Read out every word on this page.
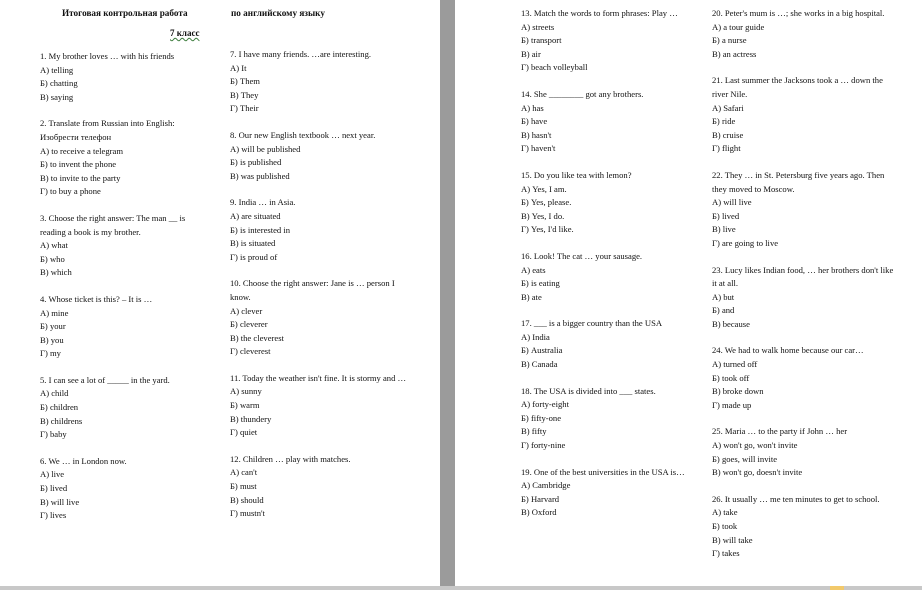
Итоговая контрольная работа	по английскому языку
7 класс
1. My brother loves … with his friends
А) telling
Б) chatting
В) saying
2. Translate from Russian into English: Изобрести телефон
А) to receive a telegram
Б) to invent the phone
В) to invite to the party
Г) to buy a phone
3. Choose the right answer: The man __ is reading a book is my brother.
А) what
Б) who
В) which
4. Whose ticket is this? – It is …
А) mine
Б) your
В) you
Г) my
5. I can see a lot of _____ in the yard.
А) child
Б) children
В) childrens
Г) baby
6. We … in London now.
А) live
Б) lived
В) will live
Г) lives
7. I have many friends. …are interesting.
А) It
Б) Them
В) They
Г) Their
8. Our new English textbook … next year.
А) will be published
Б) is published
В) was published
9. India … in Asia.
А) are situated
Б) is interested in
В) is situated
Г) is proud of
10. Choose the right answer: Jane is … person I know.
А) clever
Б) cleverer
В) the cleverest
Г) cleverest
11. Today the weather isn't fine. It is stormy and …
А) sunny
Б) warm
В) thundery
Г) quiet
12. Children … play with matches.
А) can't
Б) must
В) should
Г) mustn't
13. Match the words to form phrases: Play …
А) streets
Б) transport
В) air
Г) beach volleyball
14. She ________ got any brothers.
А) has
Б) have
В) hasn't
Г) haven't
15. Do you like tea with lemon?
А) Yes, I am.
Б) Yes, please.
В) Yes, I do.
Г) Yes, I'd like.
16. Look! The cat … your sausage.
А) eats
Б) is eating
В) ate
17. ___ is a bigger country than the USA
А) India
Б) Australia
В) Canada
18. The USA is divided into ___ states.
А) forty-eight
Б) fifty-one
В) fifty
Г) forty-nine
19. One of the best universities in the USA is…
А) Cambridge
Б) Harvard
В) Oxford
20. Peter's mum is …; she works in a big hospital.
А) a tour guide
Б) a nurse
В) an actress
21. Last summer the Jacksons took a … down the river Nile.
А) Safari
Б) ride
В) cruise
Г) flight
22. They … in St. Petersburg five years ago. Then they moved to Moscow.
А) will live
Б) lived
В) live
Г) are going to live
23. Lucy likes Indian food, … her brothers don't like it at all.
А) but
Б) and
В) because
24. We had to walk home because our car…
А) turned off
Б) took off
В) broke down
Г) made up
25. Maria … to the party if John … her
А) won't go, won't invite
Б) goes, will invite
В) won't go, doesn't invite
26. It usually … me ten minutes to get to school.
А) take
Б) took
В) will take
Г) takes
